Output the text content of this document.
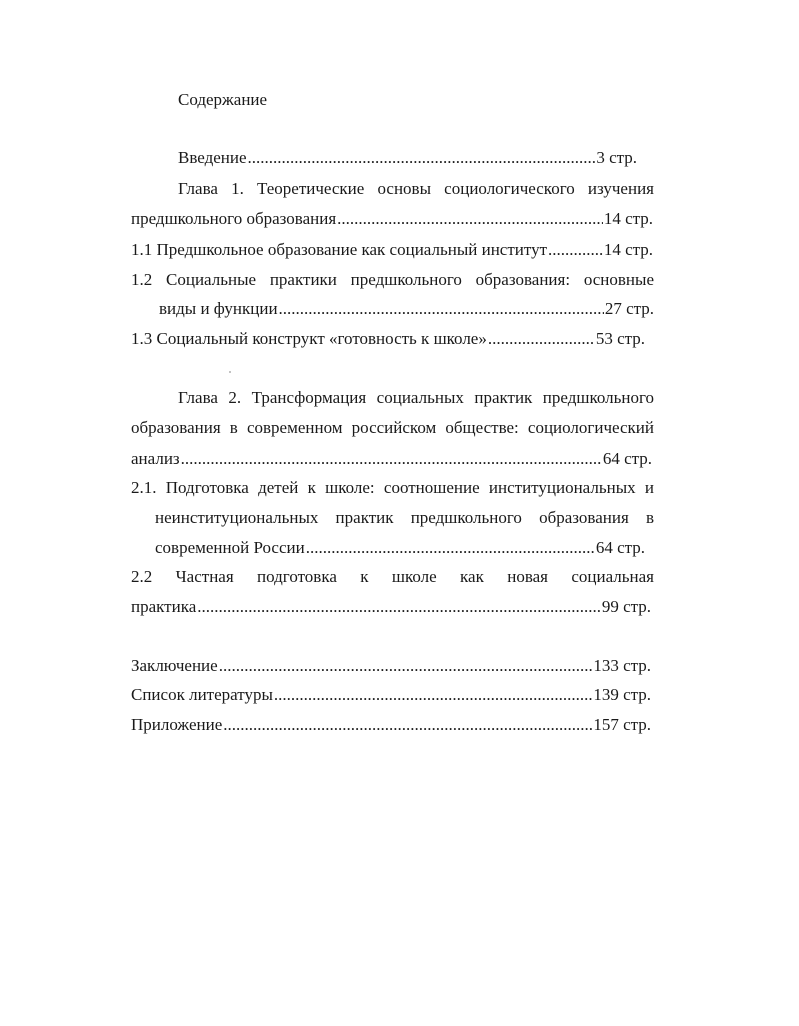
Содержание
Введение .....	3 стр.
Глава 1. Теоретические основы социологического изучения
предшкольного образования .....	14 стр.
1.1 Предшкольное образование как социальный институт .....	14 стр.
1.2 Социальные практики предшкольного образования: основные
виды и функции .....	27 стр.
1.3 Социальный конструкт «готовность к школе» .....	53 стр.
Глава 2. Трансформация социальных практик предшкольного
образования в современном российском обществе: социологический
анализ .....	64 стр.
2.1. Подготовка детей к школе: соотношение институциональных и
неинституциональных практик предшкольного образования в
современной России .....	64 стр.
2.2 Частная подготовка к школе как новая социальная
практика .....	99 стр.
Заключение .....	133 стр.
Список литературы .....	139 стр.
Приложение .....	157 стр.
